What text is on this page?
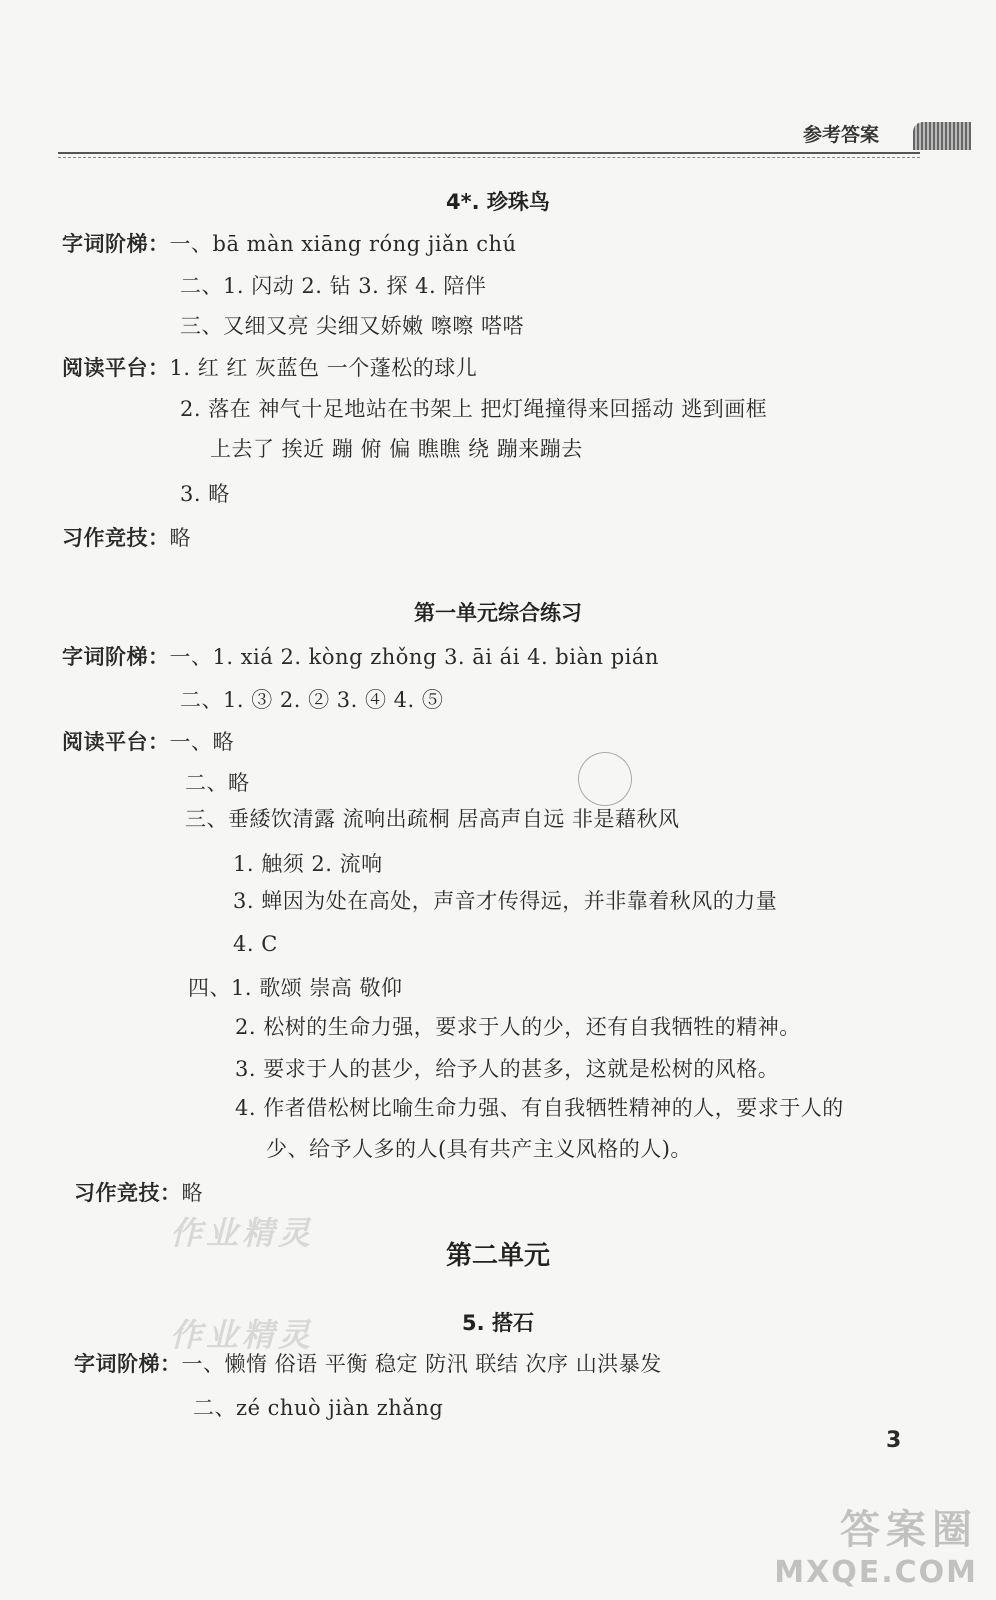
参考答案
4*. 珍珠鸟
字词阶梯：一、bā màn xiāng róng jiǎn chú
二、1. 闪动 2. 钻 3. 探 4. 陪伴
三、又细又亮 尖细又娇嫩 嚓嚓 嗒嗒
阅读平台：1. 红 红 灰蓝色 一个蓬松的球儿
2. 落在 神气十足地站在书架上 把灯绳撞得来回摇动 逃到画框
上去了 挨近 蹦 俯 偏 瞧瞧 绕 蹦来蹦去
3. 略
习作竞技：略
第一单元综合练习
字词阶梯：一、1. xiá 2. kòng zhǒng 3. āi ái 4. biàn pián
二、1. ③ 2. ② 3. ④ 4. ⑤
阅读平台：一、略
二、略
三、垂緌饮清露 流响出疏桐 居高声自远 非是藉秋风
1. 触须 2. 流响
3. 蝉因为处在高处，声音才传得远，并非靠着秋风的力量
4. C
四、1. 歌颂 崇高 敬仰
2. 松树的生命力强，要求于人的少，还有自我牺牲的精神。
3. 要求于人的甚少，给予人的甚多，这就是松树的风格。
4. 作者借松树比喻生命力强、有自我牺牲精神的人，要求于人的
少、给予人多的人(具有共产主义风格的人)。
习作竞技：略
第二单元
5. 搭石
字词阶梯：一、懒惰 俗语 平衡 稳定 防汛 联结 次序 山洪暴发
二、zé chuò jiàn zhǎng
3
作业精灵
作业精灵
答案圈
MXQE.COM
